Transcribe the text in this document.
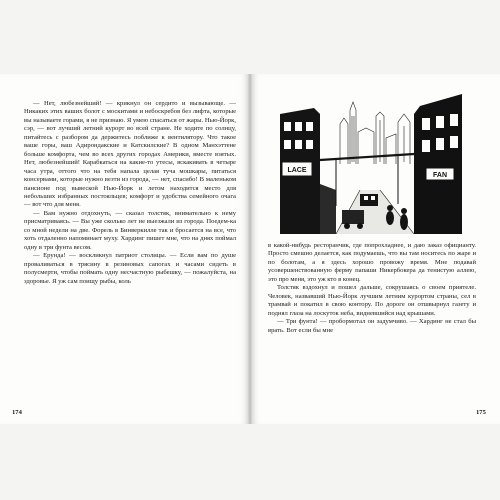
— Нет, любезнейший! — крикнул он сердито и вызывающе. — Никаких этих ваших болот с москитами и небоскребов без лифта, которые вы называете горами, я не признаю. Я умею спасаться от жары. Нью-Йорк, сэр, — вот лучший летний курорт во всей стране. Не ходите по солнцу, питайтесь с разбором да держитесь поближе к вентилятору. Что такое ваше горы, ваш Адирондакские и Катскилские? В одном Манхэттене больше комфорта, чем во всех других городах Америки, вместе взятых. Нет, любезнейший! Карабкаться на какие-то утесы, вскакивать в четыре часа утра, оттого что на тебя напала целая туча мошкары, питаться консервами, которые нужно везти из города, — нет, спасибо! В маленьком пансионе под вывеской Нью-Йорк и летом находится место для небольших избранных постояльцев; комфорт и удобства семейного очага — вот что для меня.

— Вам нужно отдохнуть, — сказал толстяк, внимательно к нему присматриваясь. — Вы уже сколько лет не выезжали из города. Поедем-ка со мной недели на две. Форель в Бинверкилле так и бросается на все, что хоть отдаленно напоминает муху. Хардинг пишет мне, что на днях поймал одну в три фунта весом.

— Ерунда! — воскликнул патриот столицы. — Если вам по душе проваливаться в трясину в резиновых сапогах и часами сидеть в полусмерти, чтобы поймать одну несчастную рыбешку, — пожалуйста, на здоровье. Я уж сам поищу рыбы, коль

LACE
FAN

в какой-нибудь ресторанчик, где попрохладнее, и даю заказ официанту. Просто смешно делается, как подумаешь, что вы там носитесь по жаре и по болотам, а я здесь хорошо провожу время. Мне подавай усовершенствованную ферму папаши Никербокера да тенистую аллею, это про меня, это уж кто в конец.

Толстяк вздохнул и пошел дальше, сокрушаясь о своем приятеле. Человек, назвавший Нью-Йорк лучшим летним курортом страны, сел в трамвай и покатил в свою контору. По дороге он отшвырнул газету и поднял глаза на лоскуток неба, видневшийся над крышами.

— Три фунта! — пробормотал он задумчиво. — Хардинг не стал бы врать. Вот если бы мне

174	175
